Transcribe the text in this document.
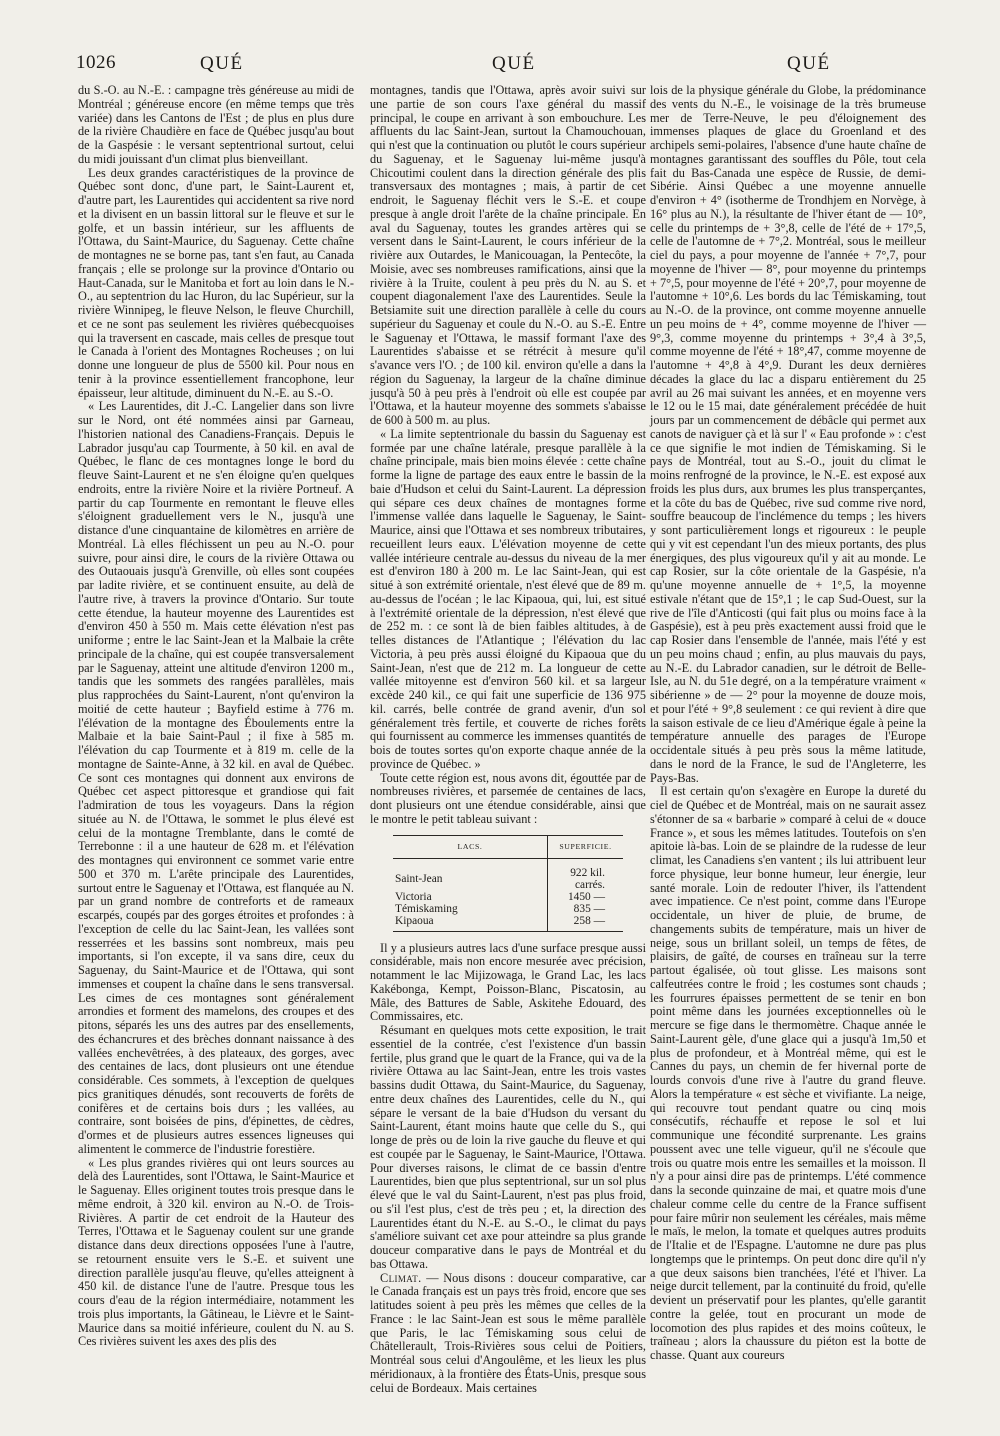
1026	QUÉ	QUÉ	QUÉ

du S.-O. au N.-E. : campagne très généreuse au midi de Montréal ; généreuse encore (en même temps que très variée) dans les Cantons de l'Est ; de plus en plus dure de la rivière Chaudière en face de Québec jusqu'au bout de la Gaspésie : le versant septentrional surtout, celui du midi jouissant d'un climat plus bienveillant.

Les deux grandes caractéristiques de la province de Québec sont donc, d'une part, le Saint-Laurent et, d'autre part, les Laurentides qui accidentent sa rive nord et la divisent en un bassin littoral sur le fleuve et sur le golfe, et un bassin intérieur, sur les affluents de l'Ottawa, du Saint-Maurice, du Saguenay. Cette chaîne de montagnes ne se borne pas, tant s'en faut, au Canada français ; elle se prolonge sur la province d'Ontario ou Haut-Canada, sur le Manitoba et fort au loin dans le N.-O., au septentrion du lac Huron, du lac Supérieur, sur la rivière Winnipeg, le fleuve Nelson, le fleuve Churchill, et ce ne sont pas seulement les rivières québecquoises qui la traversent en cascade, mais celles de presque tout le Canada à l'orient des Montagnes Rocheuses ; on lui donne une longueur de plus de 5500 kil. Pour nous en tenir à la province essentiellement francophone, leur épaisseur, leur altitude, diminuent du N.-E. au S.-O.

« Les Laurentides, dit J.-C. Langelier dans son livre sur le Nord, ont été nommées ainsi par Garneau, l'historien national des Canadiens-Français. Depuis le Labrador jusqu'au cap Tourmente, à 50 kil. en aval de Québec, le flanc de ces montagnes longe le bord du fleuve Saint-Laurent et ne s'en éloigne qu'en quelques endroits, entre la rivière Noire et la rivière Portneuf. A partir du cap Tourmente en remontant le fleuve elles s'éloignent graduellement vers le N., jusqu'à une distance d'une cinquantaine de kilomètres en arrière de Montréal. Là elles fléchissent un peu au N.-O. pour suivre, pour ainsi dire, le cours de la rivière Ottawa ou des Outaouais jusqu'à Grenville, où elles sont coupées par ladite rivière, et se continuent ensuite, au delà de l'autre rive, à travers la province d'Ontario. Sur toute cette étendue, la hauteur moyenne des Laurentides est d'environ 450 à 550 m. Mais cette élévation n'est pas uniforme ; entre le lac Saint-Jean et la Malbaie la crête principale de la chaîne, qui est coupée transversalement par le Saguenay, atteint une altitude d'environ 1200 m., tandis que les sommets des rangées parallèles, mais plus rapprochées du Saint-Laurent, n'ont qu'environ la moitié de cette hauteur ; Bayfield estime à 776 m. l'élévation de la montagne des Éboulements entre la Malbaie et la baie Saint-Paul ; il fixe à 585 m. l'élévation du cap Tourmente et à 819 m. celle de la montagne de Sainte-Anne, à 32 kil. en aval de Québec. Ce sont ces montagnes qui donnent aux environs de Québec cet aspect pittoresque et grandiose qui fait l'admiration de tous les voyageurs. Dans la région située au N. de l'Ottawa, le sommet le plus élevé est celui de la montagne Tremblante, dans le comté de Terrebonne : il a une hauteur de 628 m. et l'élévation des montagnes qui environnent ce sommet varie entre 500 et 370 m. L'arête principale des Laurentides, surtout entre le Saguenay et l'Ottawa, est flanquée au N. par un grand nombre de contreforts et de rameaux escarpés, coupés par des gorges étroites et profondes : à l'exception de celle du lac Saint-Jean, les vallées sont resserrées et les bassins sont nombreux, mais peu importants, si l'on excepte, il va sans dire, ceux du Saguenay, du Saint-Maurice et de l'Ottawa, qui sont immenses et coupent la chaîne dans le sens transversal. Les cimes de ces montagnes sont généralement arrondies et forment des mamelons, des croupes et des pitons, séparés les uns des autres par des ensellements, des échancrures et des brèches donnant naissance à des vallées enchevêtrées, à des plateaux, des gorges, avec des centaines de lacs, dont plusieurs ont une étendue considérable. Ces sommets, à l'exception de quelques pics granitiques dénudés, sont recouverts de forêts de conifères et de certains bois durs ; les vallées, au contraire, sont boisées de pins, d'épinettes, de cèdres, d'ormes et de plusieurs autres essences ligneuses qui alimentent le commerce de l'industrie forestière.

« Les plus grandes rivières qui ont leurs sources au delà des Laurentides, sont l'Ottawa, le Saint-Maurice et le Saguenay. Elles originent toutes trois presque dans le même endroit, à 320 kil. environ au N.-O. de Trois-Rivières. A partir de cet endroit de la Hauteur des Terres, l'Ottawa et le Saguenay coulent sur une grande distance dans deux directions opposées l'une à l'autre, se retournent ensuite vers le S.-E. et suivent une direction parallèle jusqu'au fleuve, qu'elles atteignent à 450 kil. de distance l'une de l'autre. Presque tous les cours d'eau de la région intermédiaire, notamment les trois plus importants, la Gâtineau, le Lièvre et le Saint-Maurice dans sa moitié inférieure, coulent du N. au S. Ces rivières suivent les axes des plis des

montagnes, tandis que l'Ottawa, après avoir suivi sur une partie de son cours l'axe général du massif principal, le coupe en arrivant à son embouchure. Les affluents du lac Saint-Jean, surtout la Chamouchouan, qui n'est que la continuation ou plutôt le cours supérieur du Saguenay, et le Saguenay lui-même jusqu'à Chicoutimi coulent dans la direction générale des plis transversaux des montagnes ; mais, à partir de cet endroit, le Saguenay fléchit vers le S.-E. et coupe presque à angle droit l'arête de la chaîne principale. En aval du Saguenay, toutes les grandes artères qui se versent dans le Saint-Laurent, le cours inférieur de la rivière aux Outardes, le Manicouagan, la Pentecôte, la Moisie, avec ses nombreuses ramifications, ainsi que la rivière à la Truite, coulent à peu près du N. au S. et coupent diagonalement l'axe des Laurentides. Seule la Betsiamite suit une direction parallèle à celle du cours supérieur du Saguenay et coule du N.-O. au S.-E. Entre le Saguenay et l'Ottawa, le massif formant l'axe des Laurentides s'abaisse et se rétrécit à mesure qu'il s'avance vers l'O. ; de 100 kil. environ qu'elle a dans la région du Saguenay, la largeur de la chaîne diminue jusqu'à 50 à peu près à l'endroit où elle est coupée par l'Ottawa, et la hauteur moyenne des sommets s'abaisse de 600 à 500 m. au plus.

« La limite septentrionale du bassin du Saguenay est formée par une chaîne latérale, presque parallèle à la chaîne principale, mais bien moins élevée : cette chaîne forme la ligne de partage des eaux entre le bassin de la baie d'Hudson et celui du Saint-Laurent. La dépression qui sépare ces deux chaînes de montagnes forme l'immense vallée dans laquelle le Saguenay, le Saint-Maurice, ainsi que l'Ottawa et ses nombreux tributaires, recueillent leurs eaux. L'élévation moyenne de cette vallée intérieure centrale au-dessus du niveau de la mer est d'environ 180 à 200 m. Le lac Saint-Jean, qui est situé à son extrémité orientale, n'est élevé que de 89 m. au-dessus de l'océan ; le lac Kipaoua, qui, lui, est situé à l'extrémité orientale de la dépression, n'est élevé que de 252 m. : ce sont là de bien faibles altitudes, à de telles distances de l'Atlantique ; l'élévation du lac Victoria, à peu près aussi éloigné du Kipaoua que du Saint-Jean, n'est que de 212 m. La longueur de cette vallée mitoyenne est d'environ 560 kil. et sa largeur excède 240 kil., ce qui fait une superficie de 136 975 kil. carrés, belle contrée de grand avenir, d'un sol généralement très fertile, et couverte de riches forêts qui fournissent au commerce les immenses quantités de bois de toutes sortes qu'on exporte chaque année de la province de Québec. »

Toute cette région est, nous avons dit, égouttée par de nombreuses rivières, et parsemée de centaines de lacs, dont plusieurs ont une étendue considérable, ainsi que le montre le petit tableau suivant :

LACS.	SUPERFICIE.
Saint-Jean	922 kil. carrés.
Victoria	1450 —
Témiskaming	835 —
Kipaoua	258 —

Il y a plusieurs autres lacs d'une surface presque aussi considérable, mais non encore mesurée avec précision, notamment le lac Mijizowaga, le Grand Lac, les lacs Kakébonga, Kempt, Poisson-Blanc, Piscatosin, au Mâle, des Battures de Sable, Askitehe Edouard, des Commissaires, etc.

Résumant en quelques mots cette exposition, le trait essentiel de la contrée, c'est l'existence d'un bassin fertile, plus grand que le quart de la France, qui va de la rivière Ottawa au lac Saint-Jean, entre les trois vastes bassins dudit Ottawa, du Saint-Maurice, du Saguenay, entre deux chaînes des Laurentides, celle du N., qui sépare le versant de la baie d'Hudson du versant du Saint-Laurent, étant moins haute que celle du S., qui longe de près ou de loin la rive gauche du fleuve et qui est coupée par le Saguenay, le Saint-Maurice, l'Ottawa. Pour diverses raisons, le climat de ce bassin d'entre Laurentides, bien que plus septentrional, sur un sol plus élevé que le val du Saint-Laurent, n'est pas plus froid, ou s'il l'est plus, c'est de très peu ; et, la direction des Laurentides étant du N.-E. au S.-O., le climat du pays s'améliore suivant cet axe pour atteindre sa plus grande douceur comparative dans le pays de Montréal et du bas Ottawa.

Climat. — Nous disons : douceur comparative, car le Canada français est un pays très froid, encore que ses latitudes soient à peu près les mêmes que celles de la France : le lac Saint-Jean est sous le même parallèle que Paris, le lac Témiskaming sous celui de Châtellerault, Trois-Rivières sous celui de Poitiers, Montréal sous celui d'Angoulême, et les lieux les plus méridionaux, à la frontière des États-Unis, presque sous celui de Bordeaux. Mais certaines

lois de la physique générale du Globe, la prédominance des vents du N.-E., le voisinage de la très brumeuse mer de Terre-Neuve, le peu d'éloignement des immenses plaques de glace du Groenland et des archipels semi-polaires, l'absence d'une haute chaîne de montagnes garantissant des souffles du Pôle, tout cela fait du Bas-Canada une espèce de Russie, de demi-Sibérie. Ainsi Québec a une moyenne annuelle d'environ + 4° (isotherme de Trondhjem en Norvège, à 16° plus au N.), la résultante de l'hiver étant de — 10°, celle du printemps de + 3°,8, celle de l'été de + 17°,5, celle de l'automne de + 7°,2. Montréal, sous le meilleur ciel du pays, a pour moyenne de l'année + 7°,7, pour moyenne de l'hiver — 8°, pour moyenne du printemps + 7°,5, pour moyenne de l'été + 20°,7, pour moyenne de l'automne + 10°,6. Les bords du lac Témiskaming, tout au N.-O. de la province, ont comme moyenne annuelle un peu moins de + 4°, comme moyenne de l'hiver — 9°,3, comme moyenne du printemps + 3°,4 à 3°,5, comme moyenne de l'été + 18°,47, comme moyenne de l'automne + 4°,8 à 4°,9. Durant les deux dernières décades la glace du lac a disparu entièrement du 25 avril au 26 mai suivant les années, et en moyenne vers le 12 ou le 15 mai, date généralement précédée de huit jours par un commencement de débâcle qui permet aux canots de naviguer çà et là sur l' « Eau profonde » : c'est ce que signifie le mot indien de Témiskaming. Si le pays de Montréal, tout au S.-O., jouit du climat le moins renfrogné de la province, le N.-E. est exposé aux froids les plus durs, aux brumes les plus transperçantes, et la côte du bas de Québec, rive sud comme rive nord, souffre beaucoup de l'inclémence du temps ; les hivers y sont particulièrement longs et rigoureux : le peuple qui y vit est cependant l'un des mieux portants, des plus énergiques, des plus vigoureux qu'il y ait au monde. Le cap Rosier, sur la côte orientale de la Gaspésie, n'a qu'une moyenne annuelle de + 1°,5, la moyenne estivale n'étant que de 15°,1 ; le cap Sud-Ouest, sur la rive de l'île d'Anticosti (qui fait plus ou moins face à la Gaspésie), est à peu près exactement aussi froid que le cap Rosier dans l'ensemble de l'année, mais l'été y est un peu moins chaud ; enfin, au plus mauvais du pays, au N.-E. du Labrador canadien, sur le détroit de Belle-Isle, au N. du 51e degré, on a la température vraiment « sibérienne » de — 2° pour la moyenne de douze mois, et pour l'été + 9°,8 seulement : ce qui revient à dire que la saison estivale de ce lieu d'Amérique égale à peine la température annuelle des parages de l'Europe occidentale situés à peu près sous la même latitude, dans le nord de la France, le sud de l'Angleterre, les Pays-Bas.

Il est certain qu'on s'exagère en Europe la dureté du ciel de Québec et de Montréal, mais on ne saurait assez s'étonner de sa « barbarie » comparé à celui de « douce France », et sous les mêmes latitudes. Toutefois on s'en apitoie là-bas. Loin de se plaindre de la rudesse de leur climat, les Canadiens s'en vantent ; ils lui attribuent leur force physique, leur bonne humeur, leur énergie, leur santé morale. Loin de redouter l'hiver, ils l'attendent avec impatience. Ce n'est point, comme dans l'Europe occidentale, un hiver de pluie, de brume, de changements subits de température, mais un hiver de neige, sous un brillant soleil, un temps de fêtes, de plaisirs, de gaîté, de courses en traîneau sur la terre partout égalisée, où tout glisse. Les maisons sont calfeutrées contre le froid ; les costumes sont chauds ; les fourrures épaisses permettent de se tenir en bon point même dans les journées exceptionnelles où le mercure se fige dans le thermomètre. Chaque année le Saint-Laurent gèle, d'une glace qui a jusqu'à 1m,50 et plus de profondeur, et à Montréal même, qui est le Cannes du pays, un chemin de fer hivernal porte de lourds convois d'une rive à l'autre du grand fleuve. Alors la température « est sèche et vivifiante. La neige, qui recouvre tout pendant quatre ou cinq mois consécutifs, réchauffe et repose le sol et lui communique une fécondité surprenante. Les grains poussent avec une telle vigueur, qu'il ne s'écoule que trois ou quatre mois entre les semailles et la moisson. Il n'y a pour ainsi dire pas de printemps. L'été commence dans la seconde quinzaine de mai, et quatre mois d'une chaleur comme celle du centre de la France suffisent pour faire mûrir non seulement les céréales, mais même le maïs, le melon, la tomate et quelques autres produits de l'Italie et de l'Espagne. L'automne ne dure pas plus longtemps que le printemps. On peut donc dire qu'il n'y a que deux saisons bien tranchées, l'été et l'hiver. La neige durcit tellement, par la continuité du froid, qu'elle devient un préservatif pour les plantes, qu'elle garantit contre la gelée, tout en procurant un mode de locomotion des plus rapides et des moins coûteux, le traîneau ; alors la chaussure du piéton est la botte de chasse. Quant aux coureurs
